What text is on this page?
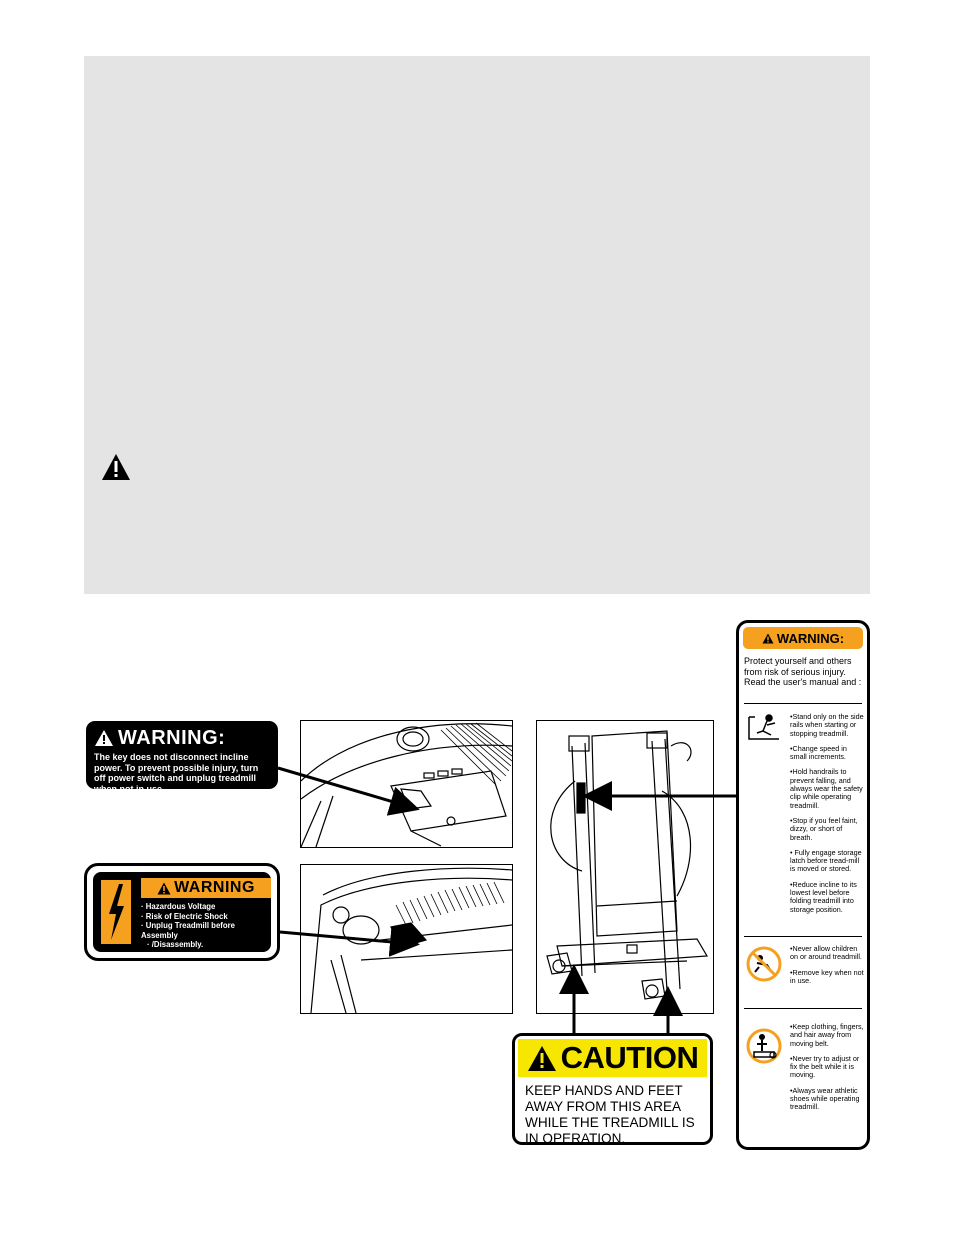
WARNING:
The key does not disconnect incline power. To prevent possible injury, turn off power switch and unplug treadmill when not in use.
WARNING
· Hazardous Voltage
· Risk of Electric Shock
· Unplug Treadmill before Assembly
· /Disassembly.
CAUTION
KEEP HANDS AND FEET AWAY FROM THIS AREA WHILE THE TREADMILL IS IN OPERATION.
WARNING:
Protect yourself and others from risk of serious injury. Read the user's manual and :

•Stand only on the side rails when starting or stopping treadmill.

•Change speed in small increments.

•Hold handrails to prevent falling, and always wear the safety clip while operating treadmill.

•Stop if you feel faint, dizzy, or short of breath.

• Fully engage storage latch before tread-mill is moved or stored.

•Reduce incline to its lowest level before folding treadmill into storage position.

•Never allow children on or around treadmill.

•Remove key when not in use.

•Keep clothing, fingers, and hair away from moving belt.

•Never try to adjust or fix the belt while it is moving.

•Always wear athletic shoes while operating treadmill.
